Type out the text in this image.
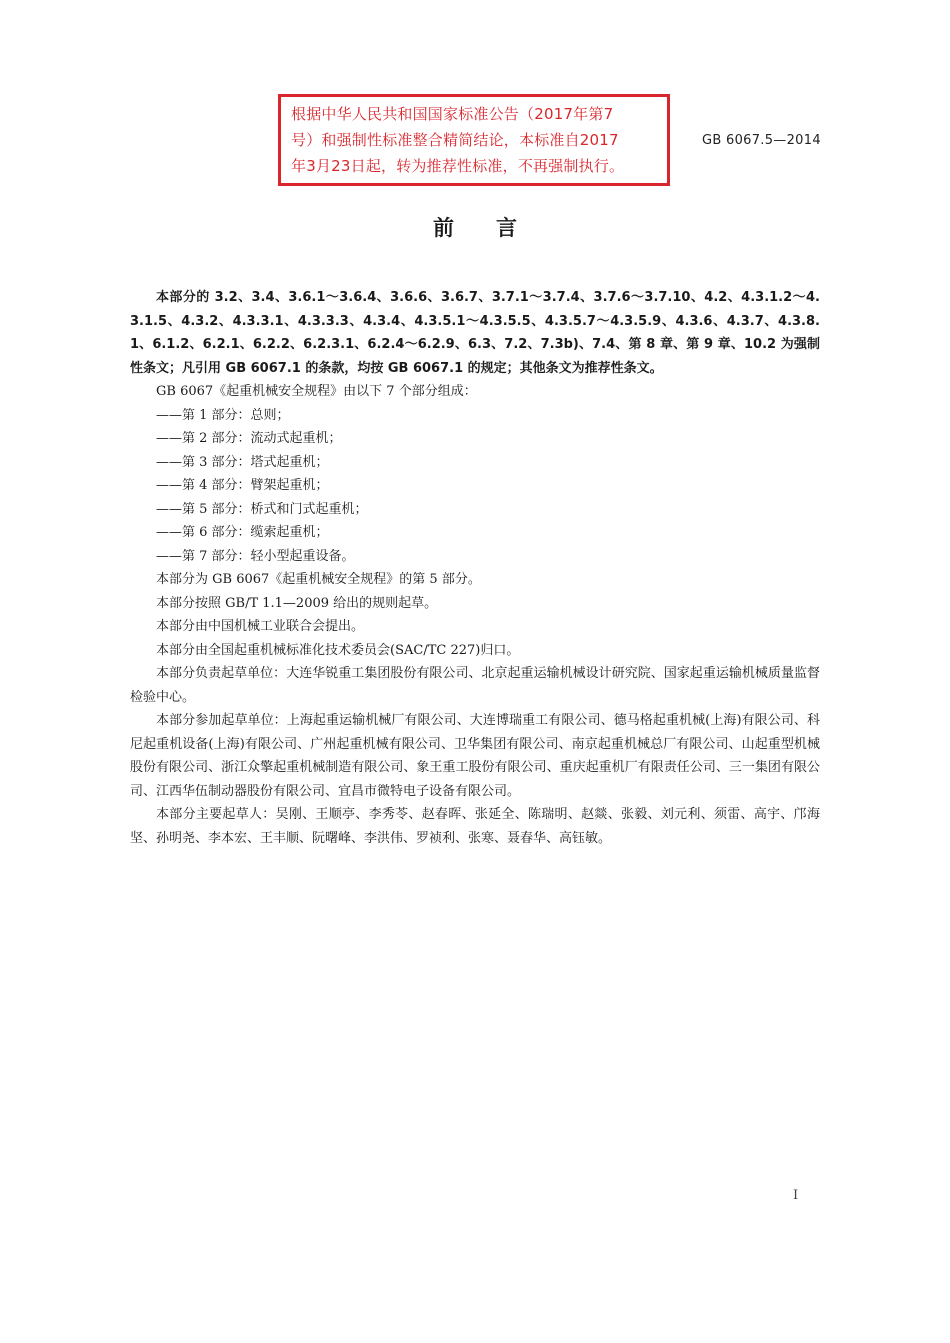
根据中华人民共和国国家标准公告（2017年第7
号）和强制性标准整合精简结论，本标准自2017
年3月23日起，转为推荐性标准，不再强制执行。
GB 6067.5—2014
前言

本部分的 3.2、3.4、3.6.1～3.6.4、3.6.6、3.6.7、3.7.1～3.7.4、3.7.6～3.7.10、4.2、4.3.1.2～4.3.1.5、4.3.2、4.3.3.1、4.3.3.3、4.3.4、4.3.5.1～4.3.5.5、4.3.5.7～4.3.5.9、4.3.6、4.3.7、4.3.8.1、6.1.2、6.2.1、6.2.2、6.2.3.1、6.2.4～6.2.9、6.3、7.2、7.3b)、7.4、第 8 章、第 9 章、10.2 为强制性条文；凡引用 GB 6067.1 的条款，均按 GB 6067.1 的规定；其他条文为推荐性条文。

GB 6067《起重机械安全规程》由以下 7 个部分组成：

——第 1 部分：总则；

——第 2 部分：流动式起重机；

——第 3 部分：塔式起重机；

——第 4 部分：臂架起重机；

——第 5 部分：桥式和门式起重机；

——第 6 部分：缆索起重机；

——第 7 部分：轻小型起重设备。

本部分为 GB 6067《起重机械安全规程》的第 5 部分。

本部分按照 GB/T 1.1—2009 给出的规则起草。

本部分由中国机械工业联合会提出。

本部分由全国起重机械标准化技术委员会(SAC/TC 227)归口。

本部分负责起草单位：大连华锐重工集团股份有限公司、北京起重运输机械设计研究院、国家起重运输机械质量监督检验中心。

本部分参加起草单位：上海起重运输机械厂有限公司、大连博瑞重工有限公司、德马格起重机械(上海)有限公司、科尼起重机设备(上海)有限公司、广州起重机械有限公司、卫华集团有限公司、南京起重机械总厂有限公司、山起重型机械股份有限公司、浙江众擎起重机械制造有限公司、象王重工股份有限公司、重庆起重机厂有限责任公司、三一集团有限公司、江西华伍制动器股份有限公司、宜昌市微特电子设备有限公司。

本部分主要起草人：吴刚、王顺亭、李秀苓、赵春晖、张延全、陈瑞明、赵燚、张毅、刘元利、须雷、高宇、邝海坚、孙明尧、李本宏、王丰顺、阮曙峰、李洪伟、罗祯利、张寒、聂春华、高钰敏。

I
